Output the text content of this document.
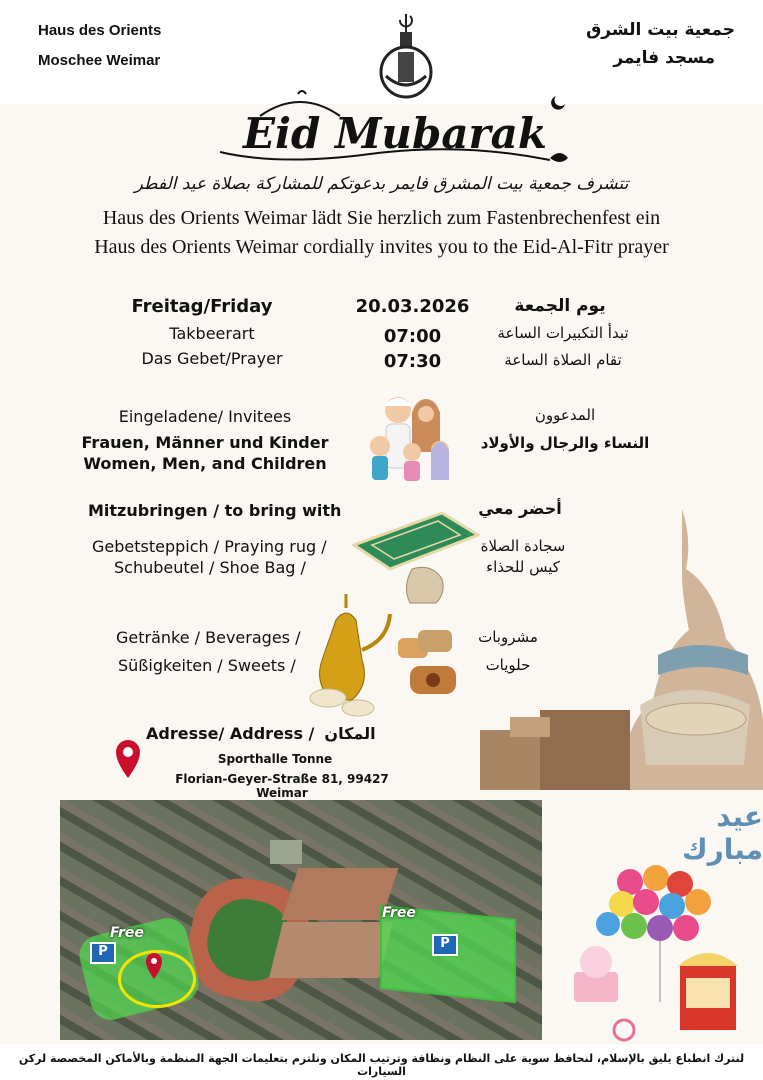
Haus des Orients
Moschee Weimar
جمعية بيت الشرق
مسجد فايمر
Eid Mubarak
تتشرف جمعية بيت المشرق فايمر بدعوتكم للمشاركة بصلاة عيد الفطر
Haus des Orients Weimar lädt Sie herzlich zum Fastenbrechenfest ein
Haus des Orients Weimar cordially invites you to the Eid-Al-Fitr prayer
Freitag/Friday	20.03.2026	يوم الجمعة
Takbeerart	07:00	تبدأ التكبيرات الساعة
Das Gebet/Prayer	07:30	تقام الصلاة الساعة
Eingeladene/ Invitees
Frauen, Männer und Kinder
Women, Men, and Children
المدعوون
النساء والرجال والأولاد
Mitzubringen / to bring with	أحضر معي
Gebetsteppich / Praying rug /
Schubeutel / Shoe Bag /
سجادة الصلاة
كيس للحذاء
Getränke / Beverages /
Süßigkeiten / Sweets /
مشروبات
حلويات
Adresse/ Address / المكان
Sporthalle Tonne
Florian-Geyer-Straße 81, 99427 Weimar
Free
Free
P
P
عيد مبارك
لنترك انطباع يليق بالإسلام، لنحافظ سوية على النظام ونظافة وترتيب المكان ونلتزم بتعليمات الجهة المنظمة وبالأماكن المخصصة لركن السيارات
